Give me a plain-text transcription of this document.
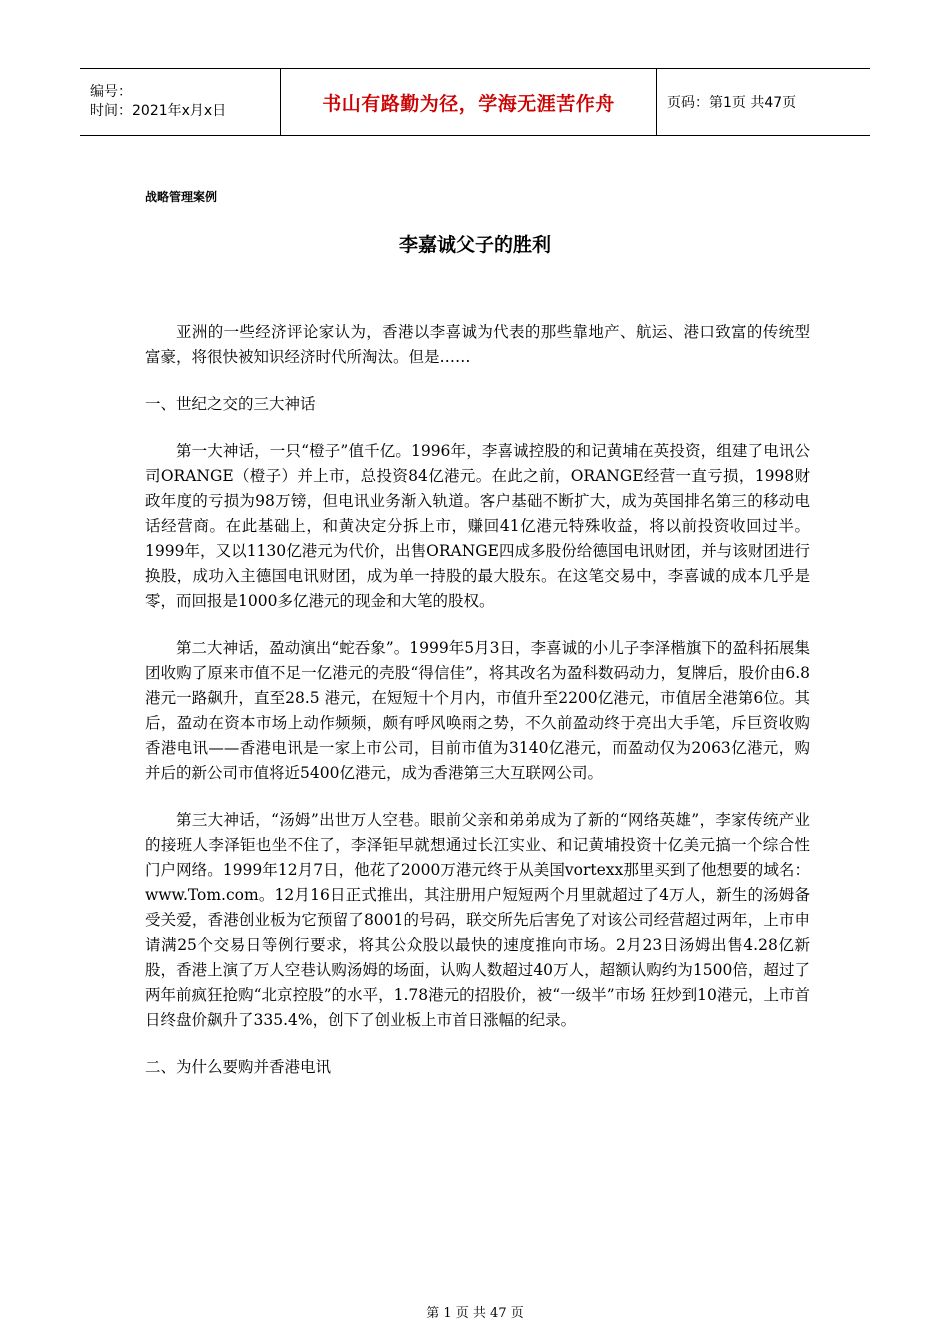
编号：
时间：2021年x月x日	书山有路勤为径，学海无涯苦作舟	页码：第1页 共47页
战略管理案例
李嘉诚父子的胜利

亚洲的一些经济评论家认为，香港以李喜诚为代表的那些靠地产、航运、港口致富的传统型富豪，将很快被知识经济时代所淘汰。但是……

一、世纪之交的三大神话

第一大神话，一只“橙子”值千亿。1996年，李喜诚控股的和记黄埔在英投资，组建了电讯公司ORANGE（橙子）并上市，总投资84亿港元。在此之前，ORANGE经营一直亏损，1998财政年度的亏损为98万镑，但电讯业务渐入轨道。客户基础不断扩大，成为英国排名第三的移动电话经营商。在此基础上，和黄决定分拆上市，赚回41亿港元特殊收益，将以前投资收回过半。1999年，又以1130亿港元为代价，出售ORANGE四成多股份给德国电讯财团，并与该财团进行换股，成功入主德国电讯财团，成为单一持股的最大股东。在这笔交易中，李喜诚的成本几乎是零，而回报是1000多亿港元的现金和大笔的股权。

第二大神话，盈动演出“蛇吞象”。1999年5月3日，李喜诚的小儿子李泽楷旗下的盈科拓展集团收购了原来市值不足一亿港元的壳股“得信佳”，将其改名为盈科数码动力，复牌后，股价由6.8港元一路飙升，直至28.5 港元，在短短十个月内，市值升至2200亿港元，市值居全港第6位。其后，盈动在资本市场上动作频频，颇有呼风唤雨之势，不久前盈动终于亮出大手笔，斥巨资收购香港电讯——香港电讯是一家上市公司，目前市值为3140亿港元，而盈动仅为2063亿港元，购并后的新公司市值将近5400亿港元，成为香港第三大互联网公司。

第三大神话，“汤姆”出世万人空巷。眼前父亲和弟弟成为了新的“网络英雄”，李家传统产业的接班人李泽钜也坐不住了，李泽钜早就想通过长江实业、和记黄埔投资十亿美元搞一个综合性门户网络。1999年12月7日，他花了2000万港元终于从美国vortexx那里买到了他想要的域名：www.Tom.com。12月16日正式推出，其注册用户短短两个月里就超过了4万人，新生的汤姆备受关爱，香港创业板为它预留了8001的号码，联交所先后害免了对该公司经营超过两年，上市申请满25个交易日等例行要求，将其公众股以最快的速度推向市场。2月23日汤姆出售4.28亿新股，香港上演了万人空巷认购汤姆的场面，认购人数超过40万人，超额认购约为1500倍，超过了两年前疯狂抢购“北京控股”的水平，1.78港元的招股价，被“一级半”市场 狂炒到10港元，上市首日终盘价飙升了335.4%，创下了创业板上市首日涨幅的纪录。

二、为什么要购并香港电讯

第 1 页 共 47 页
